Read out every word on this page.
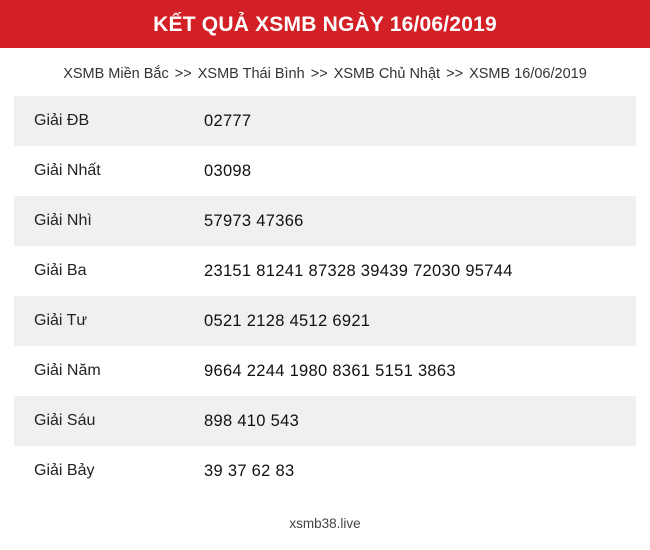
KẾT QUẢ XSMB NGÀY 16/06/2019
XSMB Miền Bắc >> XSMB Thái Bình >> XSMB Chủ Nhật >> XSMB 16/06/2019
Giải ĐB	02777
Giải Nhất	03098
Giải Nhì	57973 47366
Giải Ba	23151 81241 87328 39439 72030 95744
Giải Tư	0521 2128 4512 6921
Giải Năm	9664 2244 1980 8361 5151 3863
Giải Sáu	898 410 543
Giải Bảy	39 37 62 83
xsmb38.live
